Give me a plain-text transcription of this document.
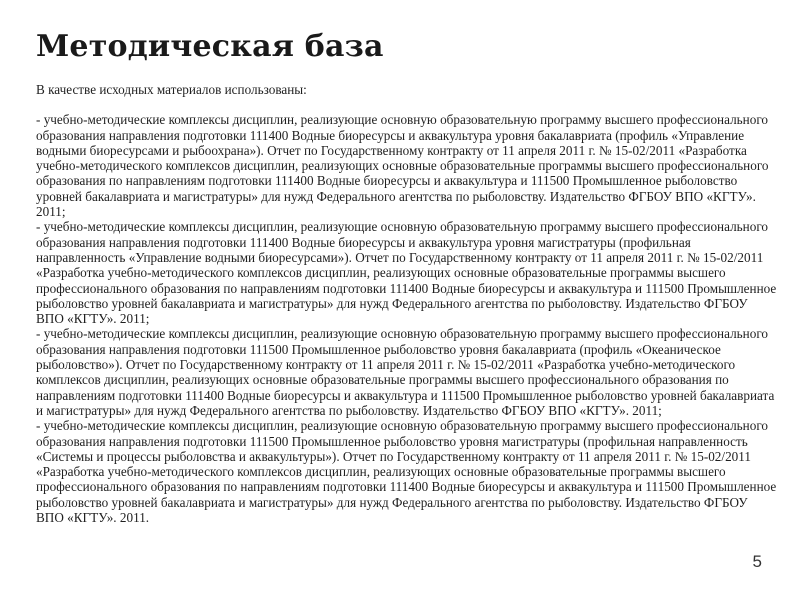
Методическая база

В качестве исходных материалов использованы:

- учебно-методические комплексы дисциплин, реализующие основную образовательную программу высшего профессионального образования направления подготовки 111400 Водные биоресурсы и аквакультура уровня бакалавриата (профиль «Управление водными биоресурсами и рыбоохрана»). Отчет по Государственному контракту от 11 апреля 2011 г. № 15-02/2011 «Разработка учебно-методического комплексов дисциплин, реализующих основные образовательные программы высшего профессионального образования по направлениям подготовки 111400 Водные биоресурсы и аквакультура и 111500 Промышленное рыболовство уровней бакалавриата и магистратуры» для нужд Федерального агентства по рыболовству. Издательство ФГБОУ ВПО «КГТУ». 2011;

- учебно-методические комплексы дисциплин, реализующие основную образовательную программу высшего профессионального образования направления подготовки 111400 Водные биоресурсы и аквакультура уровня магистратуры (профильная направленность «Управление водными биоресурсами»). Отчет по Государственному контракту от 11 апреля 2011 г. № 15-02/2011 «Разработка учебно-методического комплексов дисциплин, реализующих основные образовательные программы высшего профессионального образования по направлениям подготовки 111400 Водные биоресурсы и аквакультура и 111500 Промышленное рыболовство уровней бакалавриата и магистратуры» для нужд Федерального агентства по рыболовству. Издательство ФГБОУ ВПО «КГТУ». 2011;

- учебно-методические комплексы дисциплин, реализующие основную образовательную программу высшего профессионального образования направления подготовки 111500 Промышленное рыболовство уровня бакалавриата (профиль «Океаническое рыболовство»). Отчет по Государственному контракту от 11 апреля 2011 г. № 15-02/2011 «Разработка учебно-методического комплексов дисциплин, реализующих основные образовательные программы высшего профессионального образования по направлениям подготовки 111400 Водные биоресурсы и аквакультура и 111500 Промышленное рыболовство уровней бакалавриата и магистратуры» для нужд Федерального агентства по рыболовству. Издательство ФГБОУ ВПО «КГТУ». 2011;

- учебно-методические комплексы дисциплин, реализующие основную образовательную программу высшего профессионального образования направления подготовки 111500 Промышленное рыболовство уровня магистратуры (профильная направленность «Системы и процессы рыболовства и аквакультуры»). Отчет по Государственному контракту от 11 апреля 2011 г. № 15-02/2011 «Разработка учебно-методического комплексов дисциплин, реализующих основные образовательные программы высшего профессионального образования по направлениям подготовки 111400 Водные биоресурсы и аквакультура и 111500 Промышленное рыболовство уровней бакалавриата и магистратуры» для нужд Федерального агентства по рыболовству. Издательство ФГБОУ ВПО «КГТУ». 2011.

5
